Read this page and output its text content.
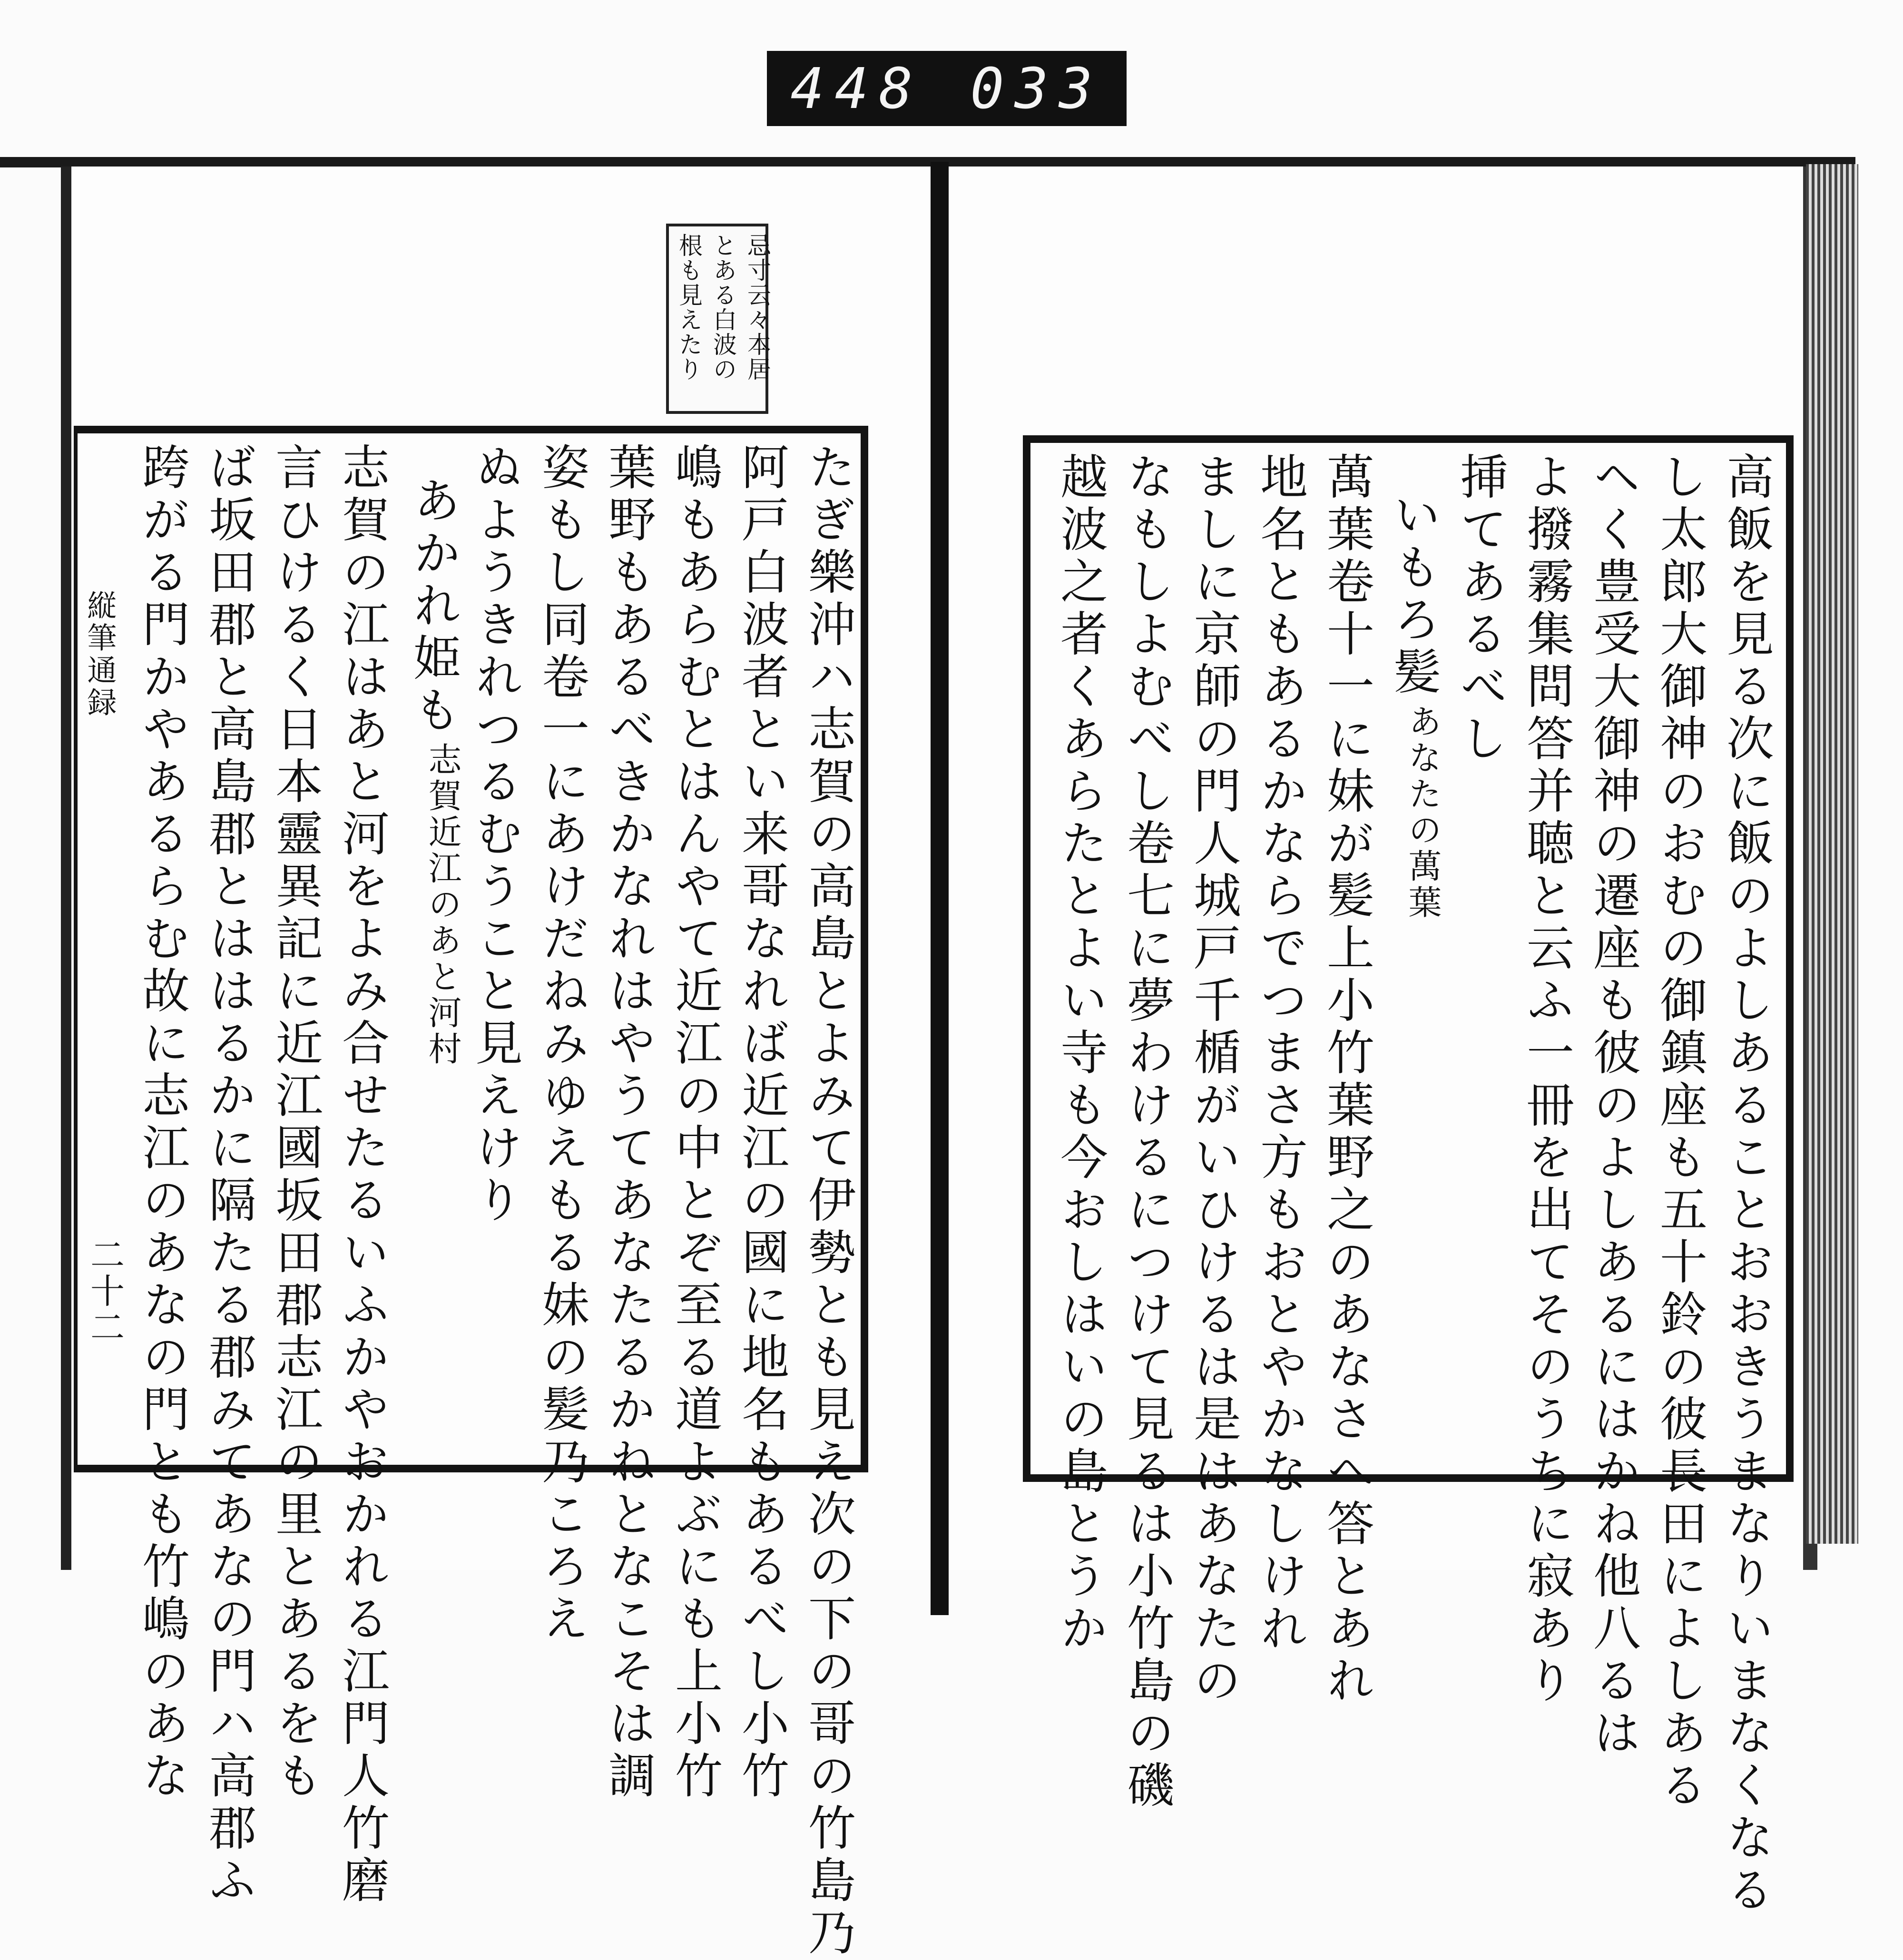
448 033
忌寸云々本居
とある白波の
根も見えたり
縦筆通録
二十二	たぎ樂沖ハ志賀の高島とよみて伊勢とも見え次の下の哥の竹島乃
阿戸白波者とい来哥なれば近江の國に地名もあるべし小竹
嶋もあらむとはんやて近江の中とぞ至る道よぶにも上小竹
葉野もあるべきかなれはやうてあなたるかねとなこそは調
姿もし同卷一にあけだねみゆえもる妹の髪乃ころえ
ぬようきれつるむうこと見えけり
あかれ姫も
志賀近江のあと河村
志賀の江はあと河をよみ合せたるいふかやおかれる江門人竹磨
言ひけるく日本靈異記に近江國坂田郡志江の里とあるをも
ば坂田郡と高島郡とははるかに隔たる郡みてあなの門ハ高郡ふ
跨がる門かやあるらむ故に志江のあなの門とも竹嶋のあな	高飯を見る次に飯のよしあることおおきうまなりいまなくなる
し太郎大御神のおむの御鎮座も五十鈴の彼長田によしある
ヘく豊受大御神の遷座も彼のよしあるにはかね他八るは
よ撥霧集問答并聴と云ふ一冊を出てそのうちに寂あり
挿てあるべし
いもろ髪
あなたの萬葉
萬葉卷十一に妹が髪上小竹葉野之のあなさへ答とあれ
地名ともあるかならでつまさ方もおとやかなしけれ
ましに京師の門人城戸千楯がいひけるは是はあなたの
なもしよむべし卷七に夢わけるにつけて見るは小竹島の磯
越波之者くあらたとよい寺も今おしはいの島とうか
